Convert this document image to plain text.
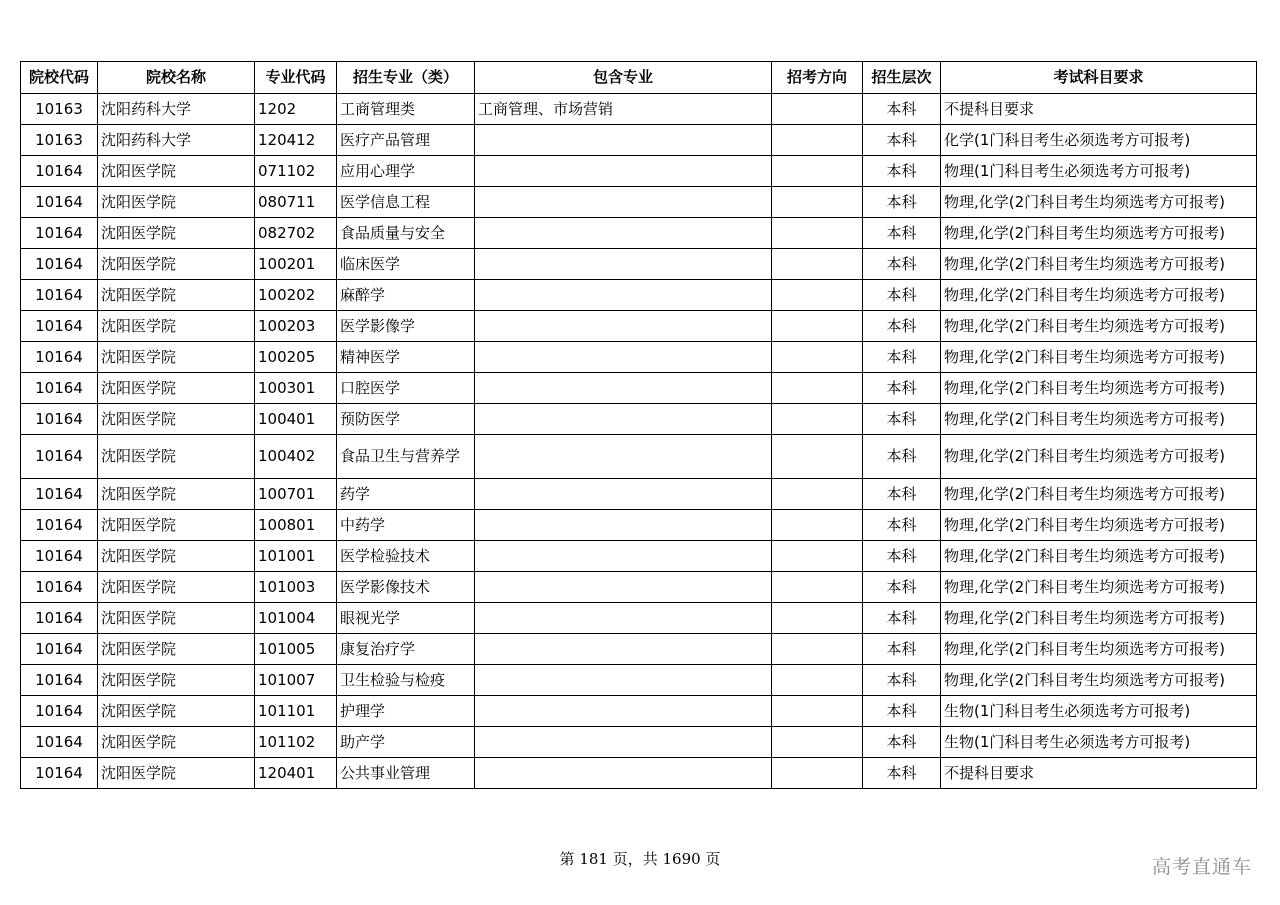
院校代码	院校名称	专业代码	招生专业（类）	包含专业	招考方向	招生层次	考试科目要求
10163	沈阳药科大学	1202	工商管理类	工商管理、市场营销		本科	不提科目要求
10163	沈阳药科大学	120412	医疗产品管理			本科	化学(1门科目考生必须选考方可报考)
10164	沈阳医学院	071102	应用心理学			本科	物理(1门科目考生必须选考方可报考)
10164	沈阳医学院	080711	医学信息工程			本科	物理,化学(2门科目考生均须选考方可报考)
10164	沈阳医学院	082702	食品质量与安全			本科	物理,化学(2门科目考生均须选考方可报考)
10164	沈阳医学院	100201	临床医学			本科	物理,化学(2门科目考生均须选考方可报考)
10164	沈阳医学院	100202	麻醉学			本科	物理,化学(2门科目考生均须选考方可报考)
10164	沈阳医学院	100203	医学影像学			本科	物理,化学(2门科目考生均须选考方可报考)
10164	沈阳医学院	100205	精神医学			本科	物理,化学(2门科目考生均须选考方可报考)
10164	沈阳医学院	100301	口腔医学			本科	物理,化学(2门科目考生均须选考方可报考)
10164	沈阳医学院	100401	预防医学			本科	物理,化学(2门科目考生均须选考方可报考)
10164	沈阳医学院	100402	食品卫生与营养学			本科	物理,化学(2门科目考生均须选考方可报考)
10164	沈阳医学院	100701	药学			本科	物理,化学(2门科目考生均须选考方可报考)
10164	沈阳医学院	100801	中药学			本科	物理,化学(2门科目考生均须选考方可报考)
10164	沈阳医学院	101001	医学检验技术			本科	物理,化学(2门科目考生均须选考方可报考)
10164	沈阳医学院	101003	医学影像技术			本科	物理,化学(2门科目考生均须选考方可报考)
10164	沈阳医学院	101004	眼视光学			本科	物理,化学(2门科目考生均须选考方可报考)
10164	沈阳医学院	101005	康复治疗学			本科	物理,化学(2门科目考生均须选考方可报考)
10164	沈阳医学院	101007	卫生检验与检疫			本科	物理,化学(2门科目考生均须选考方可报考)
10164	沈阳医学院	101101	护理学			本科	生物(1门科目考生必须选考方可报考)
10164	沈阳医学院	101102	助产学			本科	生物(1门科目考生必须选考方可报考)
10164	沈阳医学院	120401	公共事业管理			本科	不提科目要求
第 181 页，共 1690 页	高考直通车
